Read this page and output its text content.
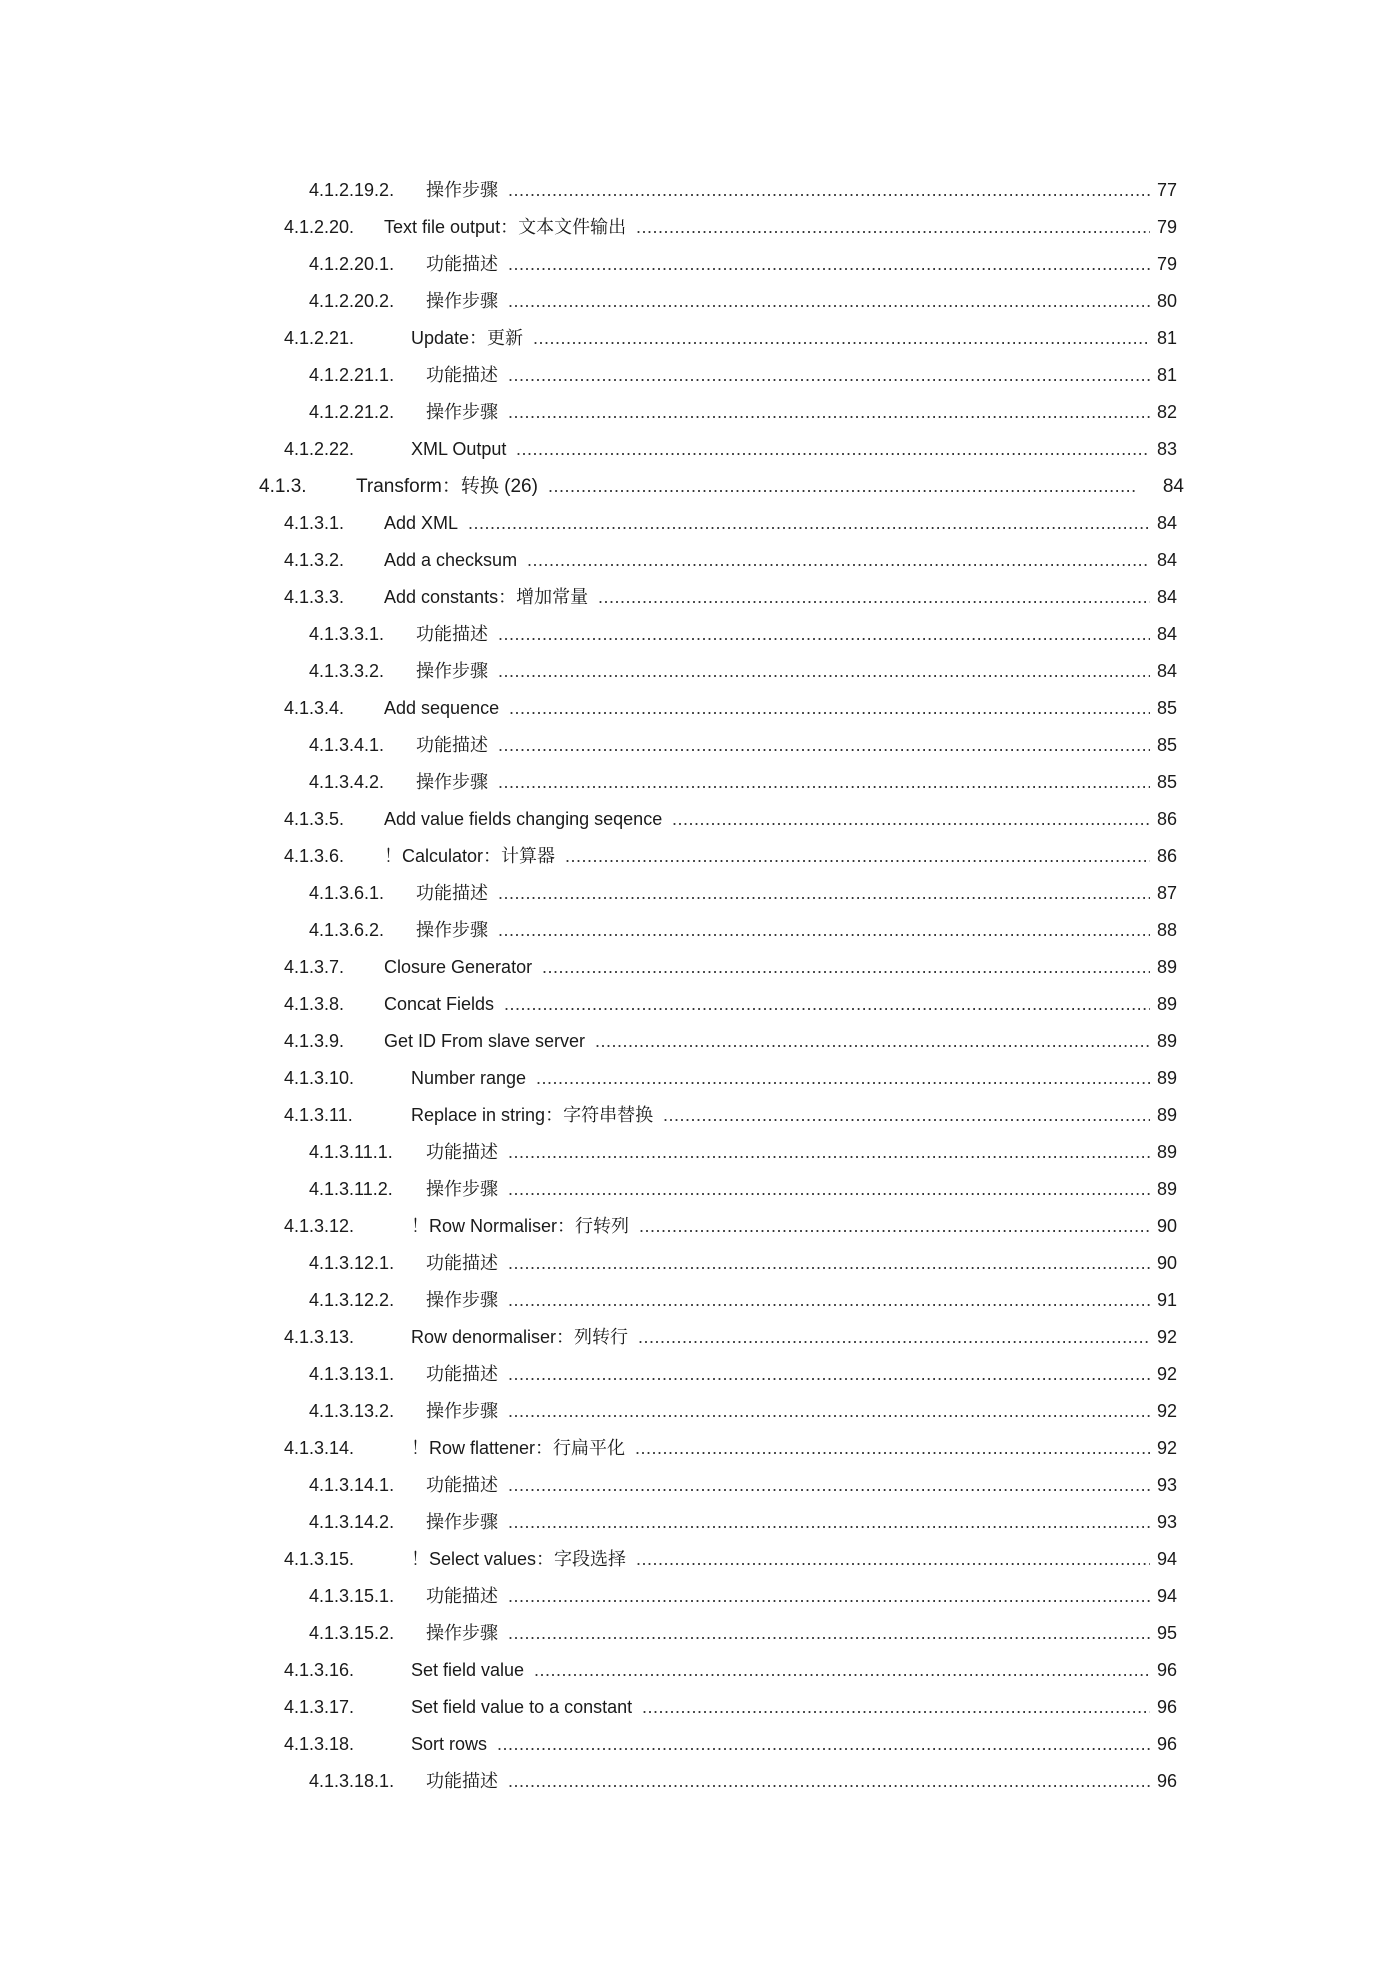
4.1.2.19.2. 操作步骤 .....	77
4.1.2.20. Text file output：文本文件输出 .....	79
4.1.2.20.1. 功能描述 .....	79
4.1.2.20.2. 操作步骤 .....	80
4.1.2.21.	Update：更新 .....	81
4.1.2.21.1. 功能描述 .....	81
4.1.2.21.2. 操作步骤 .....	82
4.1.2.22.	XML Output .....	83
4.1.3.	Transform：转换 (26) .....	84
4.1.3.1. Add XML .....	84
4.1.3.2. Add a checksum .....	84
4.1.3.3. Add constants：增加常量 .....	84
4.1.3.3.1. 功能描述 .....	84
4.1.3.3.2. 操作步骤 .....	84
4.1.3.4. Add sequence .....	85
4.1.3.4.1. 功能描述 .....	85
4.1.3.4.2. 操作步骤 .....	85
4.1.3.5. Add value fields changing seqence .....	86
4.1.3.6. ！Calculator：计算器 .....	86
4.1.3.6.1. 功能描述 .....	87
4.1.3.6.2. 操作步骤 .....	88
4.1.3.7. Closure Generator .....	89
4.1.3.8. Concat Fields .....	89
4.1.3.9. Get ID From slave server .....	89
4.1.3.10.	Number range .....	89
4.1.3.11.	Replace in string：字符串替换 .....	89
4.1.3.11.1. 功能描述 .....	89
4.1.3.11.2. 操作步骤 .....	89
4.1.3.12.	！Row Normaliser：行转列 .....	90
4.1.3.12.1. 功能描述 .....	90
4.1.3.12.2. 操作步骤 .....	91
4.1.3.13.	Row denormaliser：列转行 .....	92
4.1.3.13.1. 功能描述 .....	92
4.1.3.13.2. 操作步骤 .....	92
4.1.3.14.	！Row flattener：行扁平化 .....	92
4.1.3.14.1. 功能描述 .....	93
4.1.3.14.2. 操作步骤 .....	93
4.1.3.15.	！Select values：字段选择 .....	94
4.1.3.15.1. 功能描述 .....	94
4.1.3.15.2. 操作步骤 .....	95
4.1.3.16.	Set field value .....	96
4.1.3.17.	Set field value to a constant .....	96
4.1.3.18.	Sort rows .....	96
4.1.3.18.1. 功能描述 .....	96
